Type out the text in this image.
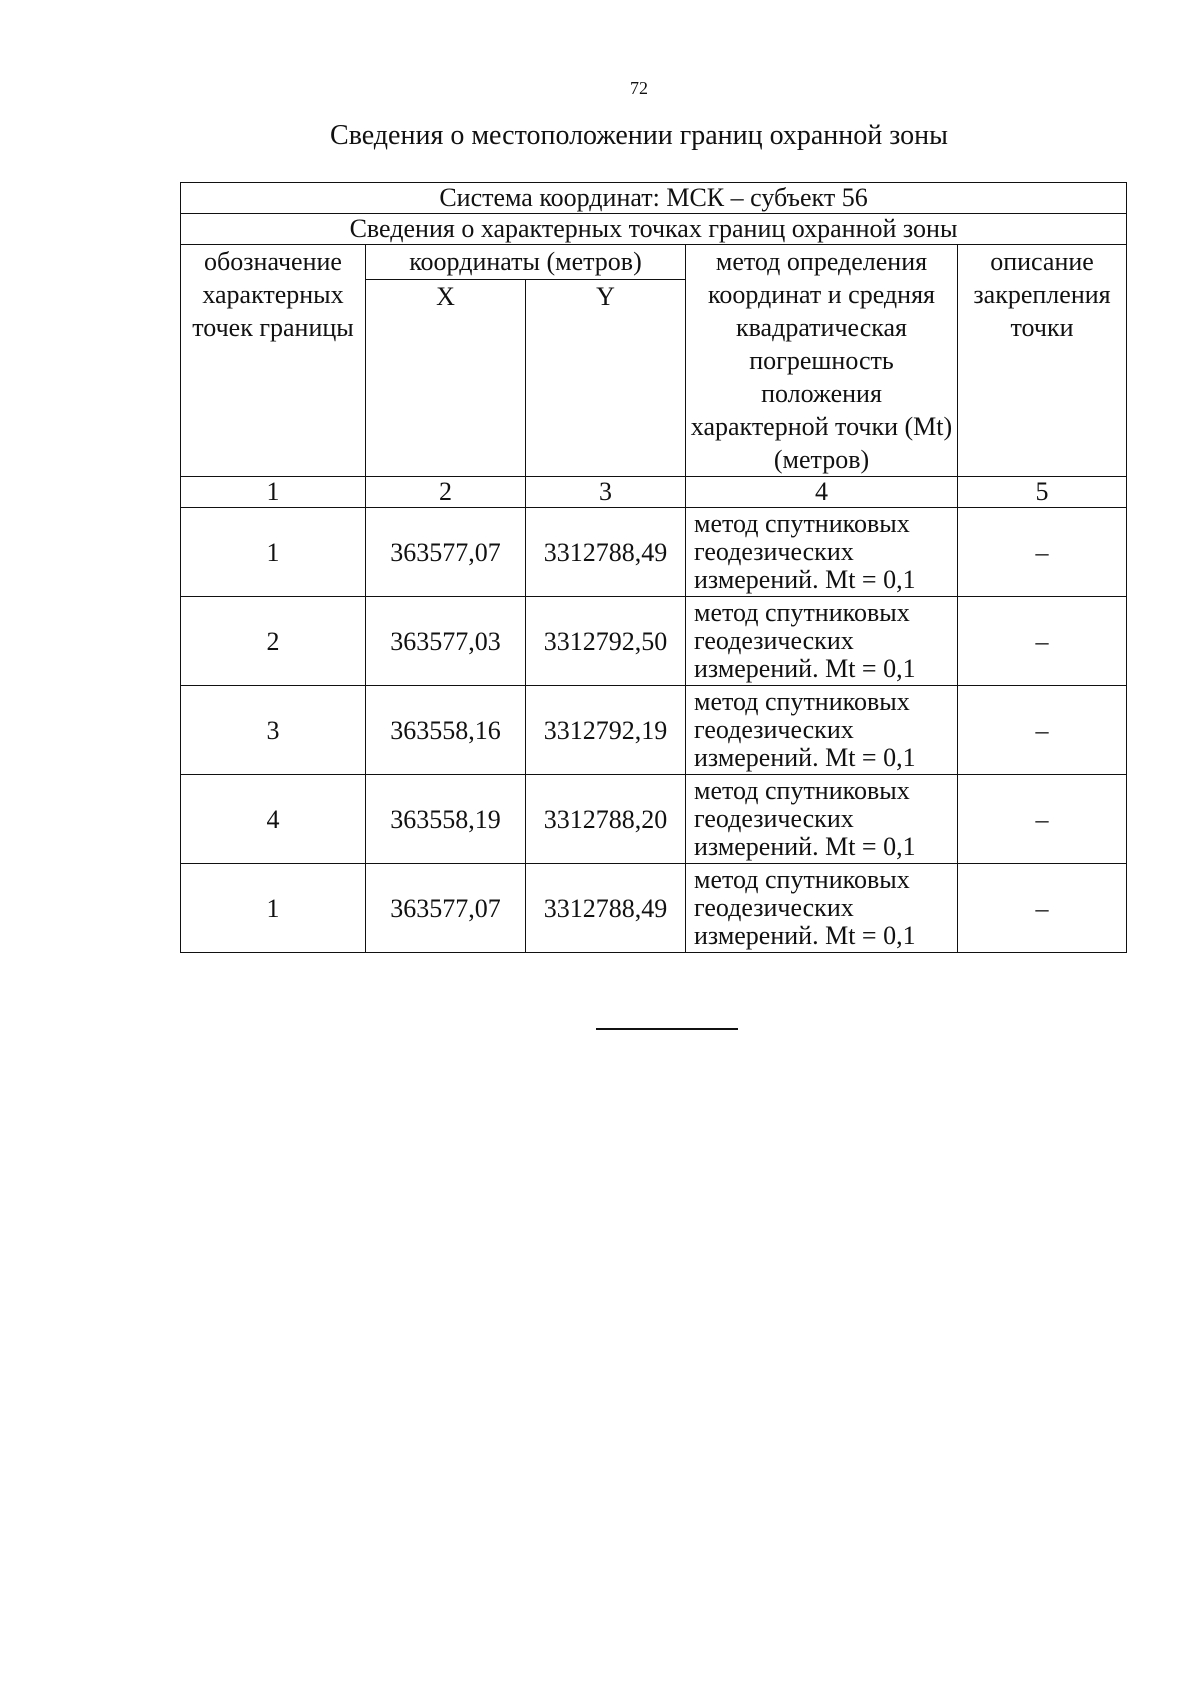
72
Сведения о местоположении границ охранной зоны
Система координат: МСК – субъект 56				
Сведения о характерных точках границ охранной зоны				
обозначение характерных точек границы	координаты (метров)		метод определения координат и средняя квадратическая погрешность положения характерной точки (Mt) (метров)	описание закрепления точки
	X	Y		
1	2	3	4	5
1	363577,07	3312788,49	метод спутниковых геодезических измерений. Mt = 0,1	–
2	363577,03	3312792,50	метод спутниковых геодезических измерений. Mt = 0,1	–
3	363558,16	3312792,19	метод спутниковых геодезических измерений. Mt = 0,1	–
4	363558,19	3312788,20	метод спутниковых геодезических измерений. Mt = 0,1	–
1	363577,07	3312788,49	метод спутниковых геодезических измерений. Mt = 0,1	–
